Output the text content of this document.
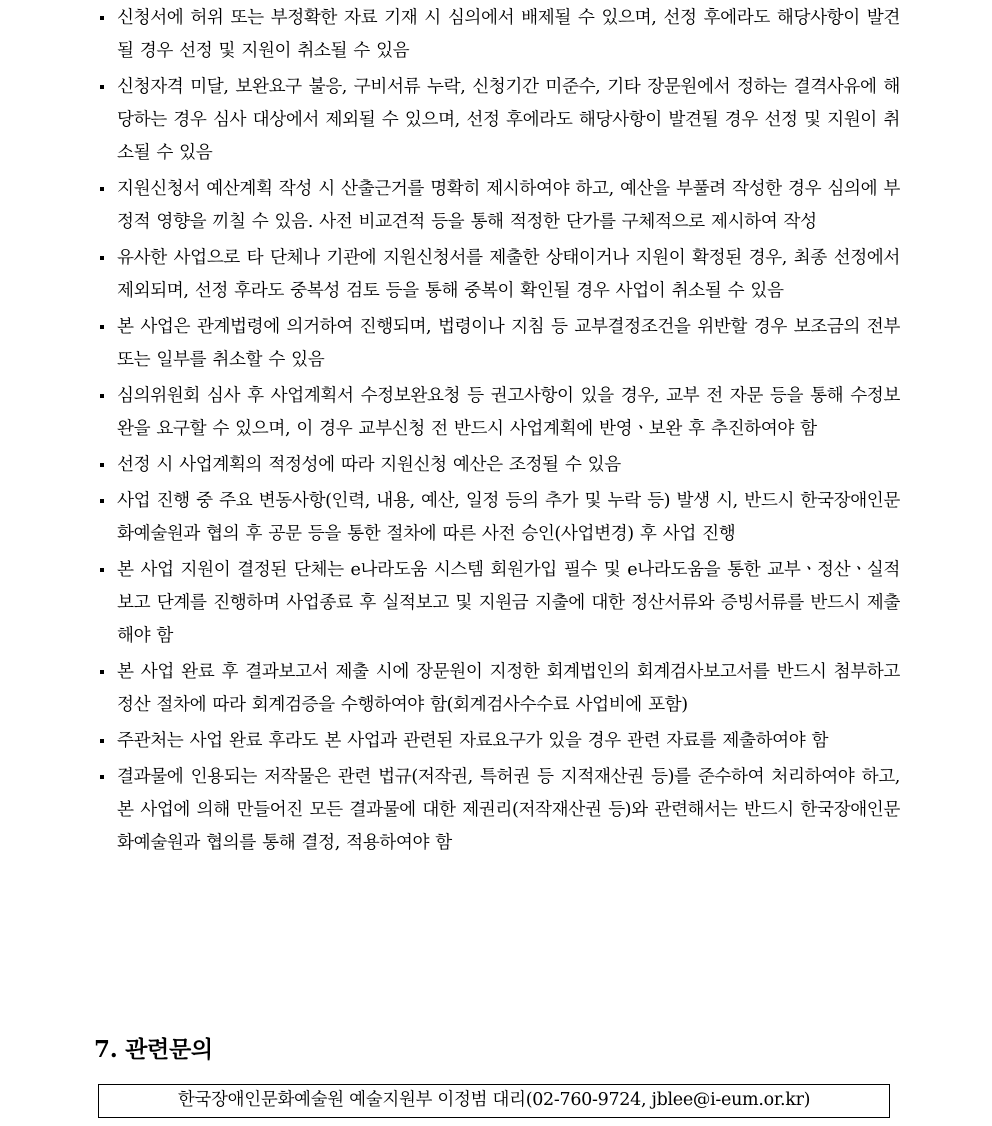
신청서에 허위 또는 부정확한 자료 기재 시 심의에서 배제될 수 있으며, 선정 후에라도 해당사항이 발견될 경우 선정 및 지원이 취소될 수 있음
신청자격 미달, 보완요구 불응, 구비서류 누락, 신청기간 미준수, 기타 장문원에서 정하는 결격사유에 해당하는 경우 심사 대상에서 제외될 수 있으며, 선정 후에라도 해당사항이 발견될 경우 선정 및 지원이 취소될 수 있음
지원신청서 예산계획 작성 시 산출근거를 명확히 제시하여야 하고, 예산을 부풀려 작성한 경우 심의에 부정적 영향을 끼칠 수 있음. 사전 비교견적 등을 통해 적정한 단가를 구체적으로 제시하여 작성
유사한 사업으로 타 단체나 기관에 지원신청서를 제출한 상태이거나 지원이 확정된 경우, 최종 선정에서 제외되며, 선정 후라도 중복성 검토 등을 통해 중복이 확인될 경우 사업이 취소될 수 있음
본 사업은 관계법령에 의거하여 진행되며, 법령이나 지침 등 교부결정조건을 위반할 경우 보조금의 전부 또는 일부를 취소할 수 있음
심의위원회 심사 후 사업계획서 수정보완요청 등 권고사항이 있을 경우, 교부 전 자문 등을 통해 수정보완을 요구할 수 있으며, 이 경우 교부신청 전 반드시 사업계획에 반영ㆍ보완 후 추진하여야 함
선정 시 사업계획의 적정성에 따라 지원신청 예산은 조정될 수 있음
사업 진행 중 주요 변동사항(인력, 내용, 예산, 일정 등의 추가 및 누락 등) 발생 시, 반드시 한국장애인문화예술원과 협의 후 공문 등을 통한 절차에 따른 사전 승인(사업변경) 후 사업 진행
본 사업 지원이 결정된 단체는 e나라도움 시스템 회원가입 필수 및 e나라도움을 통한 교부ㆍ정산ㆍ실적보고 단계를 진행하며 사업종료 후 실적보고 및 지원금 지출에 대한 정산서류와 증빙서류를 반드시 제출해야 함
본 사업 완료 후 결과보고서 제출 시에 장문원이 지정한 회계법인의 회계검사보고서를 반드시 첨부하고 정산 절차에 따라 회계검증을 수행하여야 함(회계검사수수료 사업비에 포함)
주관처는 사업 완료 후라도 본 사업과 관련된 자료요구가 있을 경우 관련 자료를 제출하여야 함
결과물에 인용되는 저작물은 관련 법규(저작권, 특허권 등 지적재산권 등)를 준수하여 처리하여야 하고, 본 사업에 의해 만들어진 모든 결과물에 대한 제권리(저작재산권 등)와 관련해서는 반드시 한국장애인문화예술원과 협의를 통해 결정, 적용하여야 함
7. 관련문의
한국장애인문화예술원 예술지원부 이정범 대리(02-760-9724, jblee@i-eum.or.kr)
